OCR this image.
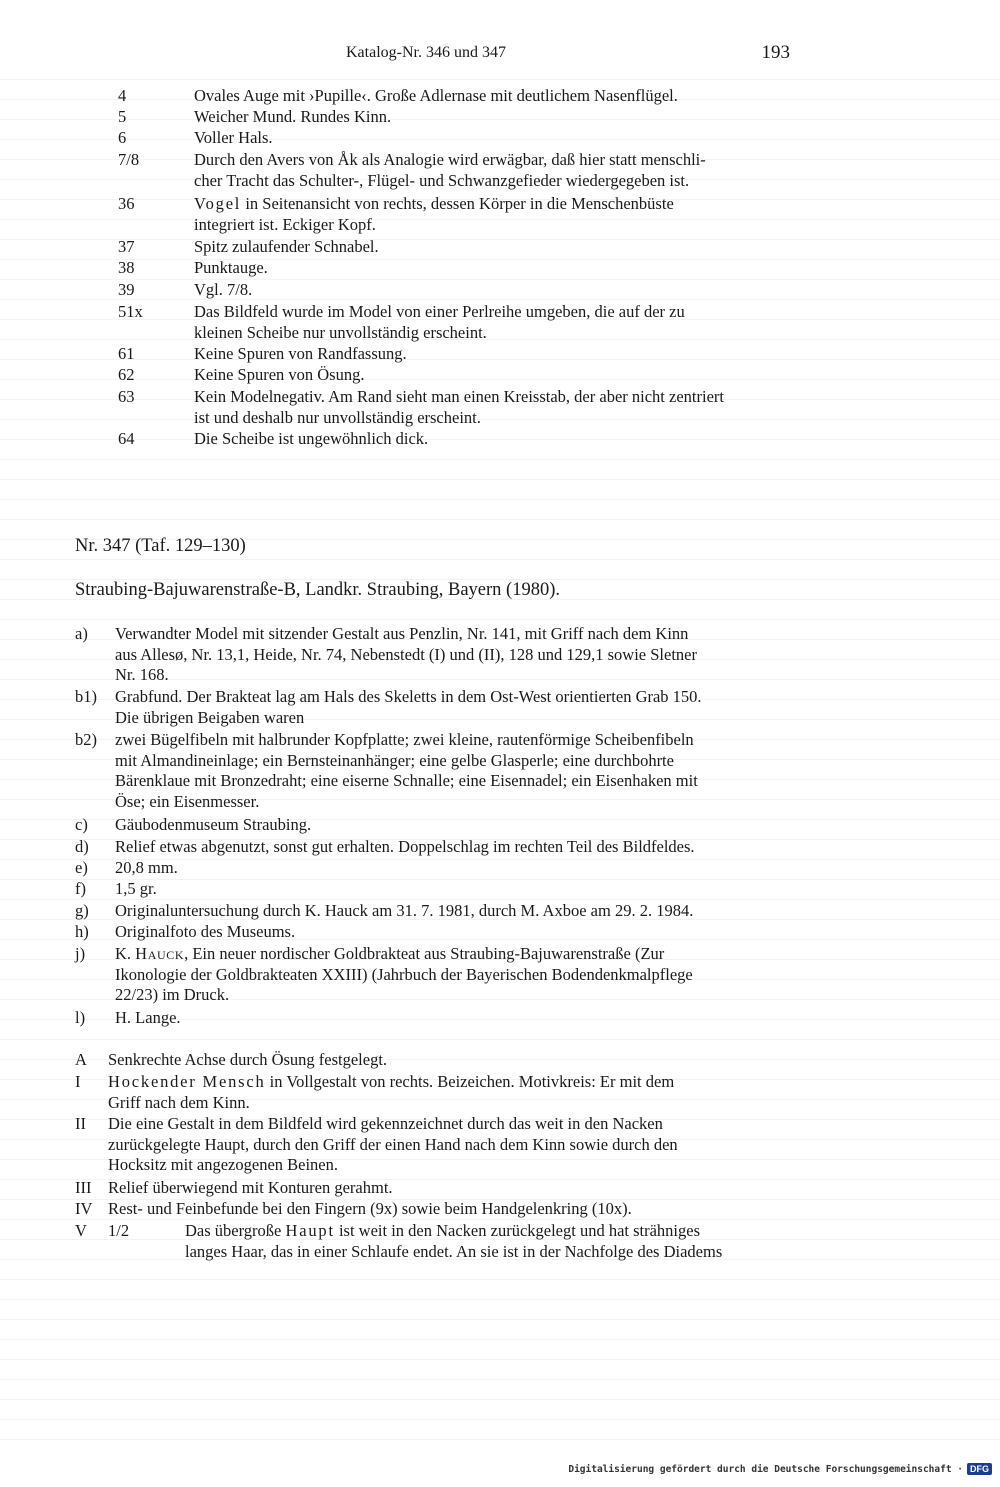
Katalog-Nr. 346 und 347	193
4	Ovales Auge mit ›Pupille‹. Große Adlernase mit deutlichem Nasenflügel.
5	Weicher Mund. Rundes Kinn.
6	Voller Hals.
7/8	Durch den Avers von Åk als Analogie wird erwägbar, daß hier statt menschli-
cher Tracht das Schulter-, Flügel- und Schwanzgefieder wiedergegeben ist.
36	Vogel in Seitenansicht von rechts, dessen Körper in die Menschenbüste
integriert ist. Eckiger Kopf.
37	Spitz zulaufender Schnabel.
38	Punktauge.
39	Vgl. 7/8.
51x	Das Bildfeld wurde im Model von einer Perlreihe umgeben, die auf der zu
kleinen Scheibe nur unvollständig erscheint.
61	Keine Spuren von Randfassung.
62	Keine Spuren von Ösung.
63	Kein Modelnegativ. Am Rand sieht man einen Kreisstab, der aber nicht zentriert
ist und deshalb nur unvollständig erscheint.
64	Die Scheibe ist ungewöhnlich dick.
Nr. 347 (Taf. 129–130)
Straubing-Bajuwarenstraße-B, Landkr. Straubing, Bayern (1980).
a) Verwandter Model mit sitzender Gestalt aus Penzlin, Nr. 141, mit Griff nach dem Kinn
aus Allesø, Nr. 13,1, Heide, Nr. 74, Nebenstedt (I) und (II), 128 und 129,1 sowie Sletner
Nr. 168.
b1) Grabfund. Der Brakteat lag am Hals des Skeletts in dem Ost-West orientierten Grab 150.
Die übrigen Beigaben waren
b2) zwei Bügelfibeln mit halbrunder Kopfplatte; zwei kleine, rautenförmige Scheibenfibeln
mit Almandineinlage; ein Bernsteinanhänger; eine gelbe Glasperle; eine durchbohrte
Bärenklaue mit Bronzedraht; eine eiserne Schnalle; eine Eisennadel; ein Eisenhaken mit
Öse; ein Eisenmesser.
c) Gäubodenmuseum Straubing.
d) Relief etwas abgenutzt, sonst gut erhalten. Doppelschlag im rechten Teil des Bildfeldes.
e) 20,8 mm.
f) 1,5 gr.
g) Originaluntersuchung durch K. Hauck am 31. 7. 1981, durch M. Axboe am 29. 2. 1984.
h) Originalfoto des Museums.
j) K. Hauck, Ein neuer nordischer Goldbrakteat aus Straubing-Bajuwarenstraße (Zur
Ikonologie der Goldbrakteaten XXIII) (Jahrbuch der Bayerischen Bodendenkmalpflege
22/23) im Druck.
l) H. Lange.
A Senkrechte Achse durch Ösung festgelegt.
I Hockender Mensch in Vollgestalt von rechts. Beizeichen. Motivkreis: Er mit dem
Griff nach dem Kinn.
II Die eine Gestalt in dem Bildfeld wird gekennzeichnet durch das weit in den Nacken
zurückgelegte Haupt, durch den Griff der einen Hand nach dem Kinn sowie durch den
Hocksitz mit angezogenen Beinen.
III Relief überwiegend mit Konturen gerahmt.
IV Rest- und Feinbefunde bei den Fingern (9x) sowie beim Handgelenkring (10x).
V 1/2	Das übergroße Haupt ist weit in den Nacken zurückgelegt und hat strähniges
langes Haar, das in einer Schlaufe endet. An sie ist in der Nachfolge des Diadems
Digitalisierung gefördert durch die Deutsche Forschungsgemeinschaft · DFG
